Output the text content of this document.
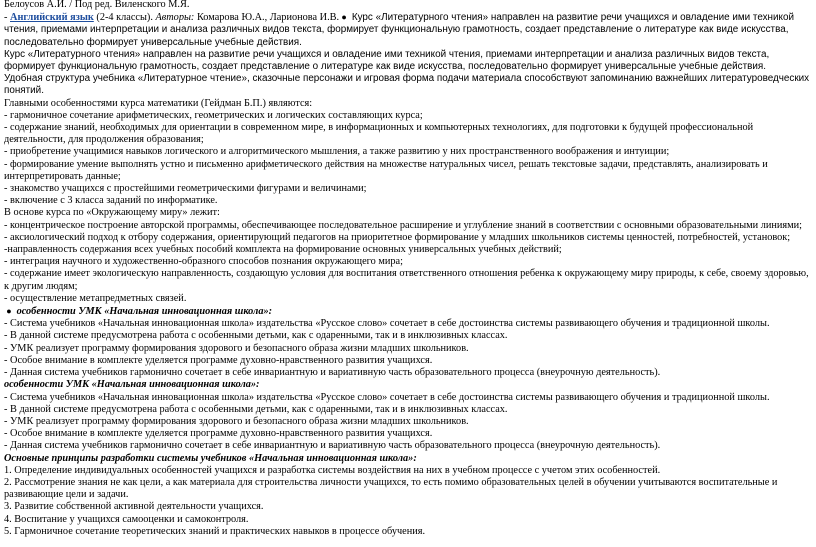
Белоусов А.И. / Под ред. Виленского М.Я.

- Английский язык (2-4 классы). Авторы: Комарова Ю.А., Ларионова И.В. ● Курс «Литературного чтения» направлен на развитие речи учащихся и овладение ими техникой чтения, приемами интерпретации и анализа различных видов текста, формирует функциональную грамотность, создает представление о литературе как виде искусства, последовательно формирует универсальные учебные действия.

Курс «Литературного чтения» направлен на развитие речи учащихся и овладение ими техникой чтения, приемами интерпретации и анализа различных видов текста, формирует функциональную грамотность, создает представление о литературе как виде искусства, последовательно формирует универсальные учебные действия.

Удобная структура учебника «Литературное чтение», сказочные персонажи и игровая форма подачи материала способствуют запоминанию важнейших литературоведческих понятий.

Главными особенностями курса математики (Гейдман Б.П.) являются:

- гармоничное сочетание арифметических, геометрических и логических составляющих курса;

- содержание знаний, необходимых для ориентации в современном мире, в информационных и компьютерных технологиях, для подготовки к будущей профессиональной деятельности, для продолжения образования;

- приобретение учащимися навыков логического и алгоритмического мышления, а также развитию у них пространственного воображения и интуиции;

- формирование умение выполнять устно и письменно арифметического действия на множестве натуральных чисел, решать текстовые задачи, представлять, анализировать и интерпретировать данные;

- знакомство учащихся с простейшими геометрическими фигурами и величинами;

- включение с 3 класса заданий по информатике.

В основе курса по «Окружающему миру» лежит:

- концентрическое построение авторской программы, обеспечивающее последовательное расширение и углубление знаний в соответствии с основными образовательными линиями;

- аксиологический подход к отбору содержания, ориентирующий педагогов на приоритетное формирование у младших школьников системы ценностей, потребностей, установок;

-направленность содержания всех учебных пособий комплекта на формирование основных универсальных учебных действий;

- интеграция научного и художественно-образного способов познания окружающего мира;

- содержание имеет экологическую направленность, создающую условия для воспитания ответственного отношения ребенка к окружающему миру природы, к себе, своему здоровью, к другим людям;

- осуществление метапредметных связей.

● особенности УМК «Начальная инновационная школа»:

- Система учебников «Начальная инновационная школа» издательства «Русское слово» сочетает в себе достоинства системы развивающего обучения и традиционной школы.

- В данной системе предусмотрена работа с особенными детьми, как с одаренными, так и в инклюзивных классах.

- УМК реализует программу формирования здорового и безопасного образа жизни младших школьников.

- Особое внимание в комплекте уделяется программе духовно-нравственного развития учащихся.

- Данная система учебников гармонично сочетает в себе инвариантную и вариативную часть образовательного процесса (внеурочную деятельность).

особенности УМК «Начальная инновационная школа»:

- Система учебников «Начальная инновационная школа» издательства «Русское слово» сочетает в себе достоинства системы развивающего обучения и традиционной школы.

- В данной системе предусмотрена работа с особенными детьми, как с одаренными, так и в инклюзивных классах.

- УМК реализует программу формирования здорового и безопасного образа жизни младших школьников.

- Особое внимание в комплекте уделяется программе духовно-нравственного развития учащихся.

- Данная система учебников гармонично сочетает в себе инвариантную и вариативную часть образовательного процесса (внеурочную деятельность).

Основные принципы разработки системы учебников «Начальная инновационная школа»:

1. Определение индивидуальных особенностей учащихся и разработка системы воздействия на них в учебном процессе с учетом этих особенностей.

2. Рассмотрение знания не как цели, а как материала для строительства личности учащихся, то есть помимо образовательных целей в обучении учитываются воспитательные и развивающие цели и задачи.

3. Развитие собственной активной деятельности учащихся.

4. Воспитание у учащихся самооценки и самоконтроля.

5. Гармоничное сочетание теоретических знаний и практических навыков в процессе обучения.
